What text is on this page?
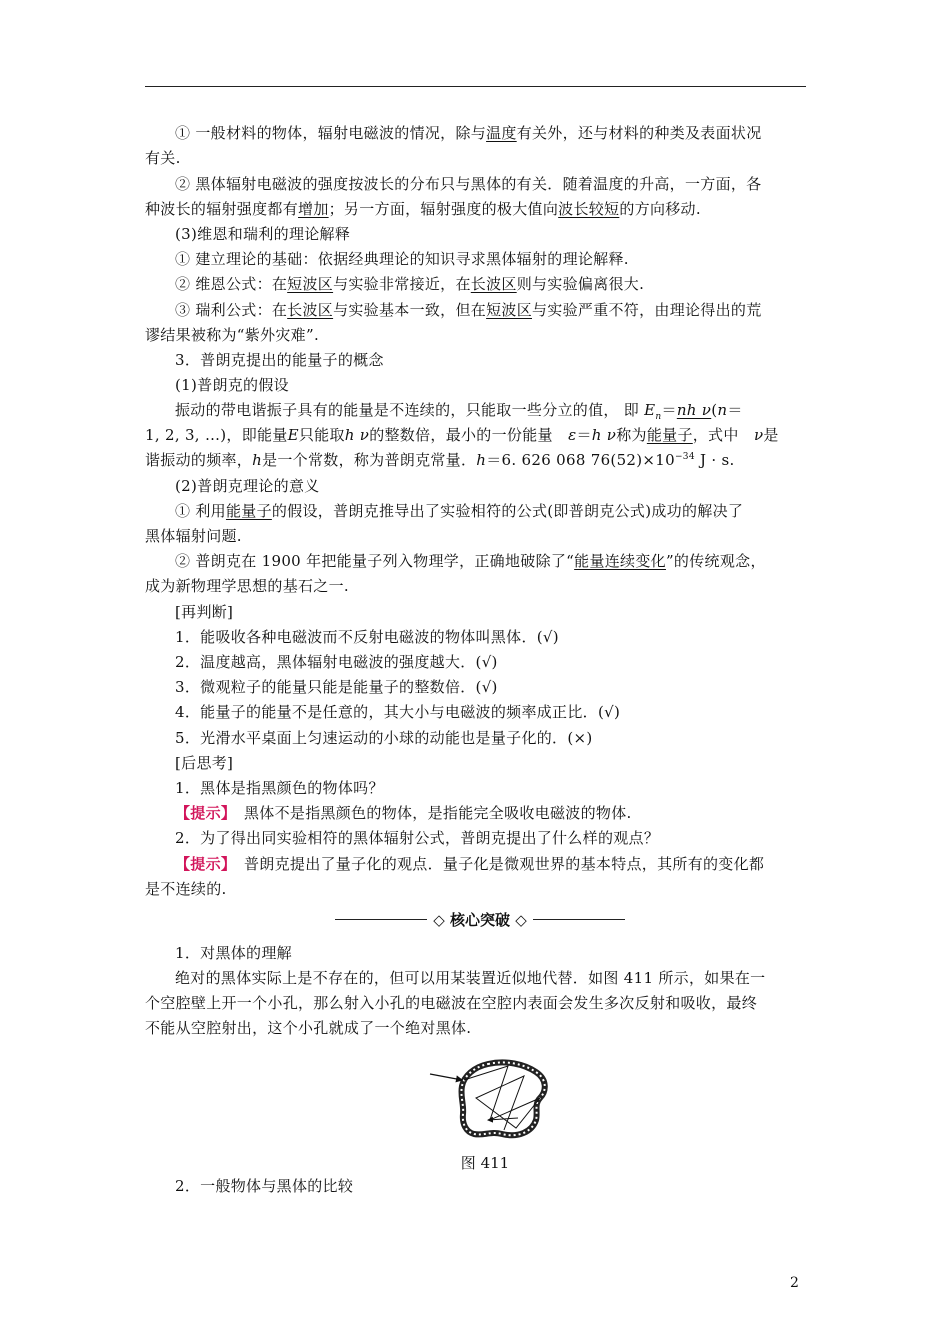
① 一般材料的物体，辐射电磁波的情况，除与温度有关外，还与材料的种类及表面状况
有关.
② 黑体辐射电磁波的强度按波长的分布只与黑体的有关．随着温度的升高，一方面，各
种波长的辐射强度都有增加；另一方面，辐射强度的极大值向波长较短的方向移动.
(3)维恩和瑞利的理论解释
① 建立理论的基础：依据经典理论的知识寻求黑体辐射的理论解释.
② 维恩公式：在短波区与实验非常接近，在长波区则与实验偏离很大.
③ 瑞利公式：在长波区与实验基本一致，但在短波区与实验严重不符，由理论得出的荒
谬结果被称为“紫外灾难”.
3．普朗克提出的能量子的概念
(1)普朗克的假设
振动的带电谐振子具有的能量是不连续的，只能取一些分立的值， 即 $E_n=nh$ ν(n＝
1, 2, 3, …)，即能量E只能取h ν的整数倍，最小的一份能量　ε＝h ν称为能量子，式中　ν是
谐振动的频率，h是一个常数，称为普朗克常量．h＝6. 626 068 $76(52)\times 10^{-34}$ J · s.
(2)普朗克理论的意义
① 利用能量子的假设，普朗克推导出了实验相符的公式(即普朗克公式)成功的解决了
黑体辐射问题.
② 普朗克在 1900 年把能量子列入物理学，正确地破除了“能量连续变化”的传统观念，
成为新物理学思想的基石之一.
[再判断]
1．能吸收各种电磁波而不反射电磁波的物体叫黑体．(√)
2．温度越高，黑体辐射电磁波的强度越大．(√)
3．微观粒子的能量只能是能量子的整数倍．(√)
4．能量子的能量不是任意的，其大小与电磁波的频率成正比．(√)
5．光滑水平桌面上匀速运动的小球的动能也是量子化的．(×)
[后思考]
1．黑体是指黑颜色的物体吗？
【提示】　黑体不是指黑颜色的物体，是指能完全吸收电磁波的物体.
2．为了得出同实验相符的黑体辐射公式，普朗克提出了什么样的观点？
【提示】　普朗克提出了量子化的观点．量子化是微观世界的基本特点，其所有的变化都
是不连续的.
◇ 核心突破 ◇
1．对黑体的理解
绝对的黑体实际上是不存在的，但可以用某装置近似地代替．如图 411 所示，如果在一
个空腔壁上开一个小孔，那么射入小孔的电磁波在空腔内表面会发生多次反射和吸收，最终
不能从空腔射出，这个小孔就成了一个绝对黑体.
图 411
2．一般物体与黑体的比较
2
